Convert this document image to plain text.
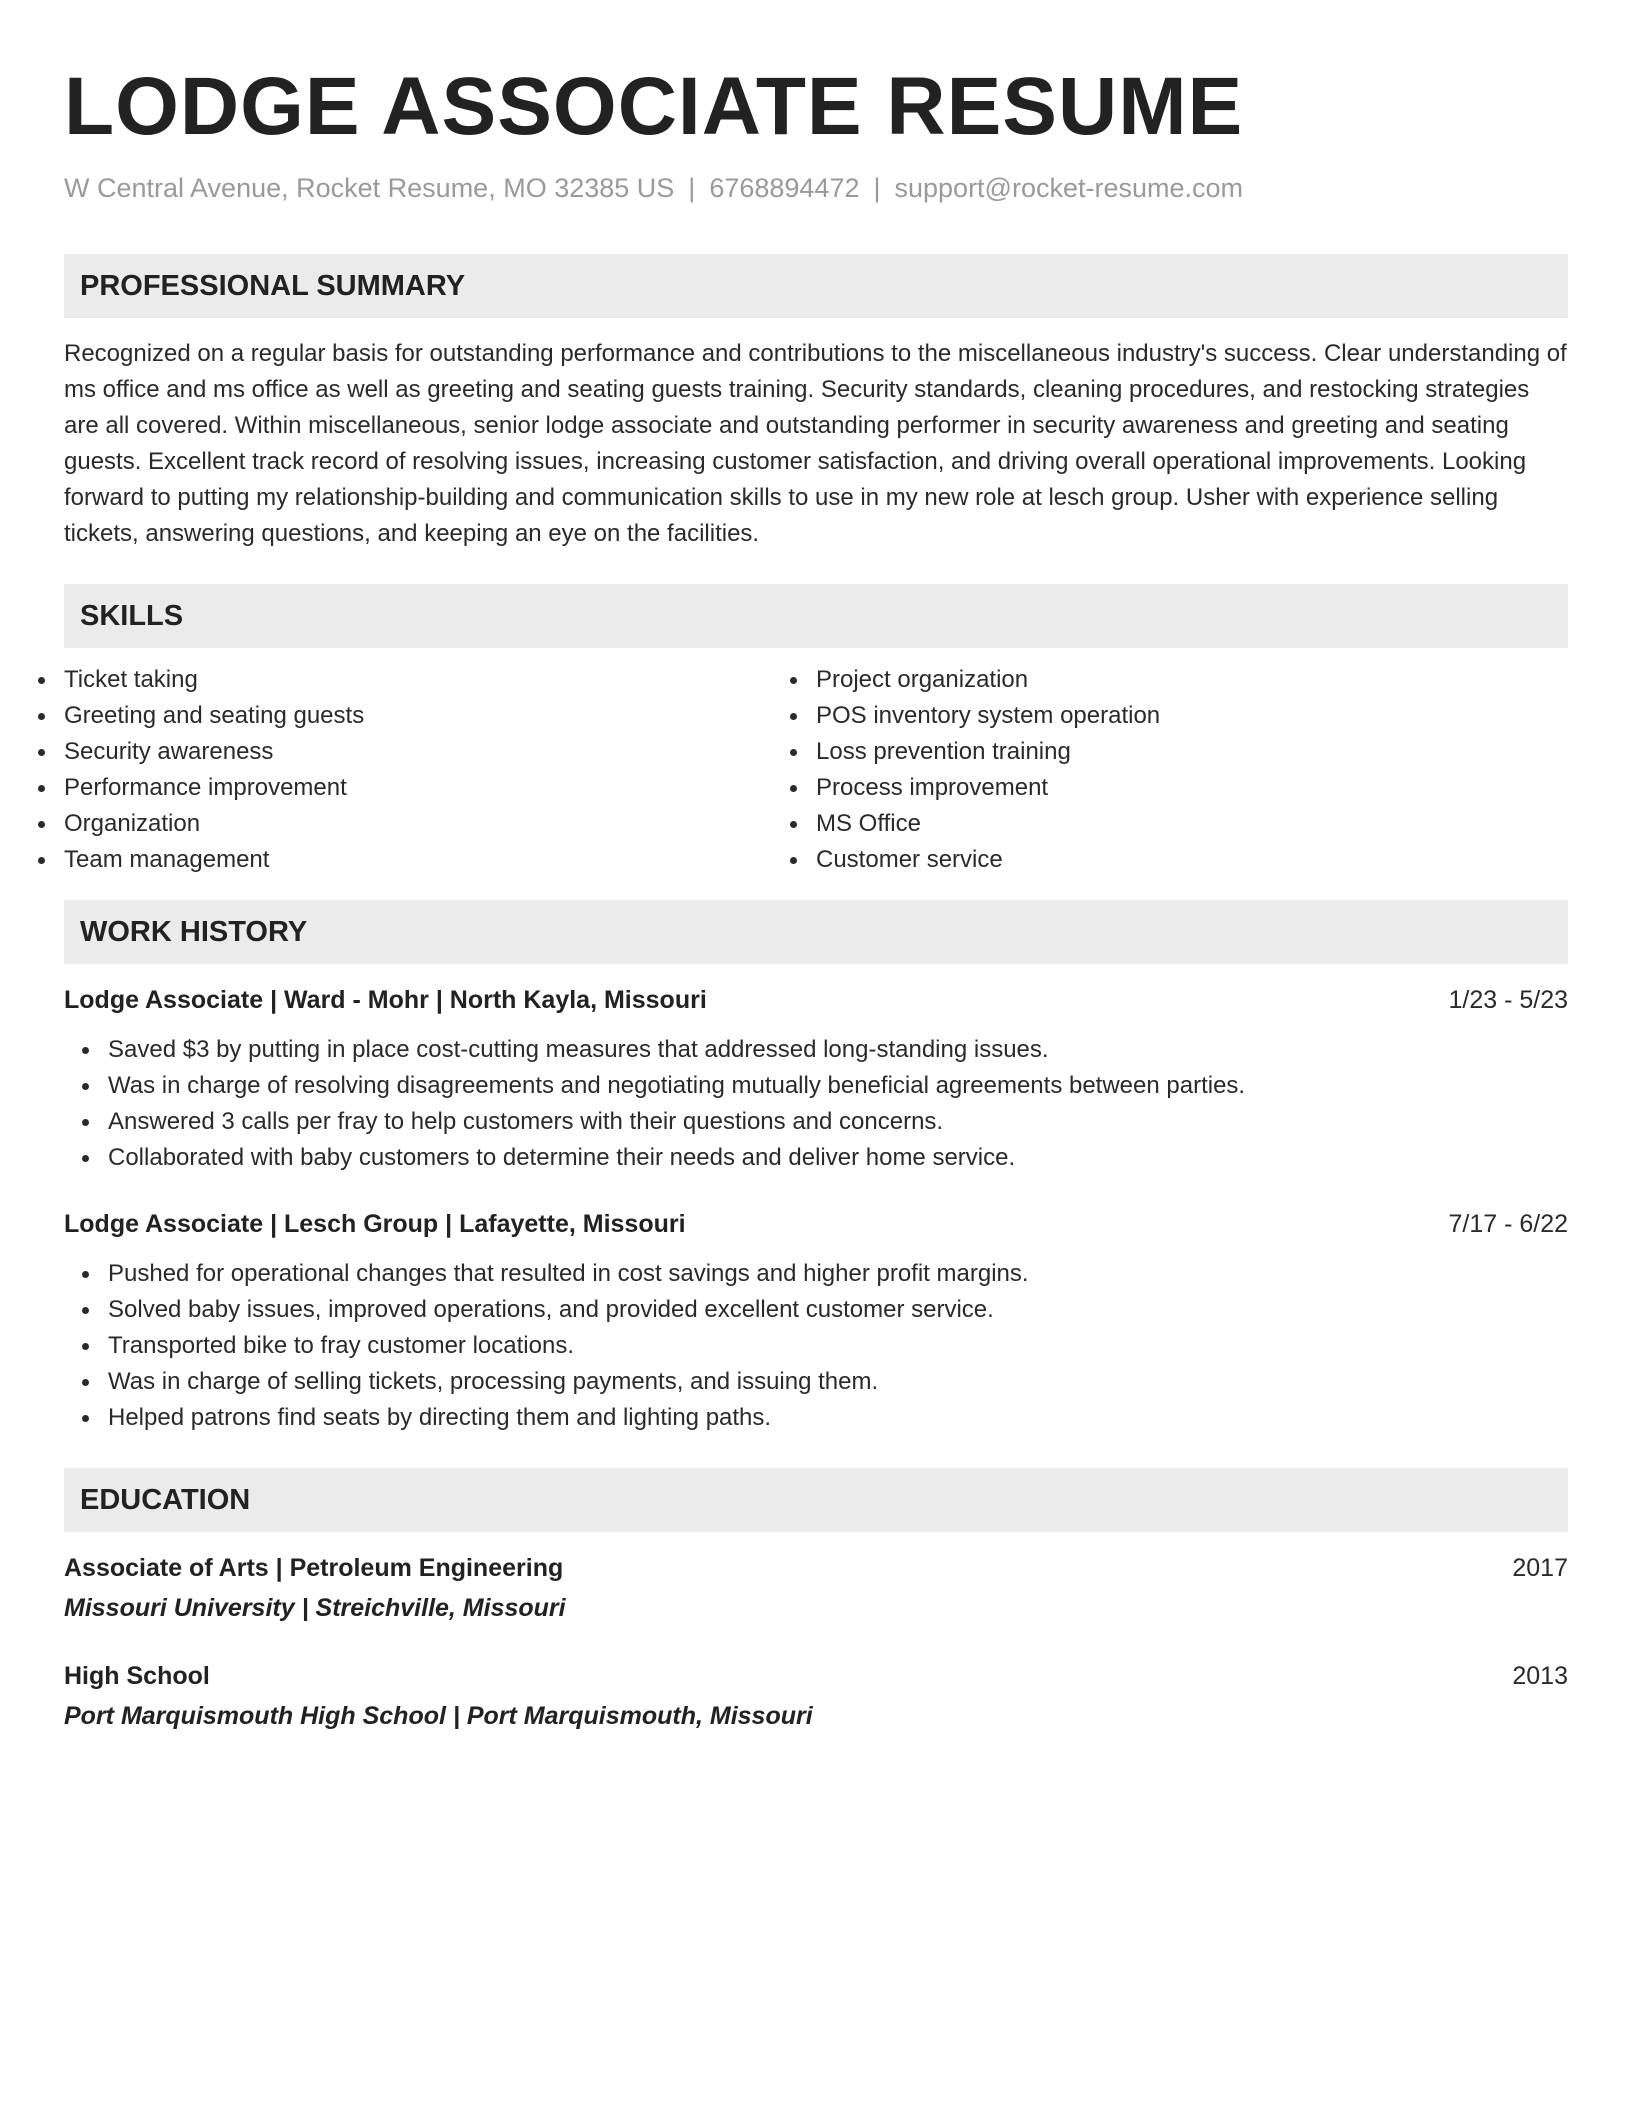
LODGE ASSOCIATE RESUME
W Central Avenue, Rocket Resume, MO 32385 US | 6768894472 | support@rocket-resume.com
PROFESSIONAL SUMMARY
Recognized on a regular basis for outstanding performance and contributions to the miscellaneous industry's success. Clear understanding of ms office and ms office as well as greeting and seating guests training. Security standards, cleaning procedures, and restocking strategies are all covered. Within miscellaneous, senior lodge associate and outstanding performer in security awareness and greeting and seating guests. Excellent track record of resolving issues, increasing customer satisfaction, and driving overall operational improvements. Looking forward to putting my relationship-building and communication skills to use in my new role at lesch group. Usher with experience selling tickets, answering questions, and keeping an eye on the facilities.
SKILLS
Ticket taking
Greeting and seating guests
Security awareness
Performance improvement
Organization
Team management
Project organization
POS inventory system operation
Loss prevention training
Process improvement
MS Office
Customer service
WORK HISTORY
Lodge Associate | Ward - Mohr | North Kayla, Missouri	1/23 - 5/23
Saved $3 by putting in place cost-cutting measures that addressed long-standing issues.
Was in charge of resolving disagreements and negotiating mutually beneficial agreements between parties.
Answered 3 calls per fray to help customers with their questions and concerns.
Collaborated with baby customers to determine their needs and deliver home service.
Lodge Associate | Lesch Group | Lafayette, Missouri	7/17 - 6/22
Pushed for operational changes that resulted in cost savings and higher profit margins.
Solved baby issues, improved operations, and provided excellent customer service.
Transported bike to fray customer locations.
Was in charge of selling tickets, processing payments, and issuing them.
Helped patrons find seats by directing them and lighting paths.
EDUCATION
Associate of Arts | Petroleum Engineering	2017
Missouri University | Streichville, Missouri
High School	2013
Port Marquismouth High School | Port Marquismouth, Missouri
